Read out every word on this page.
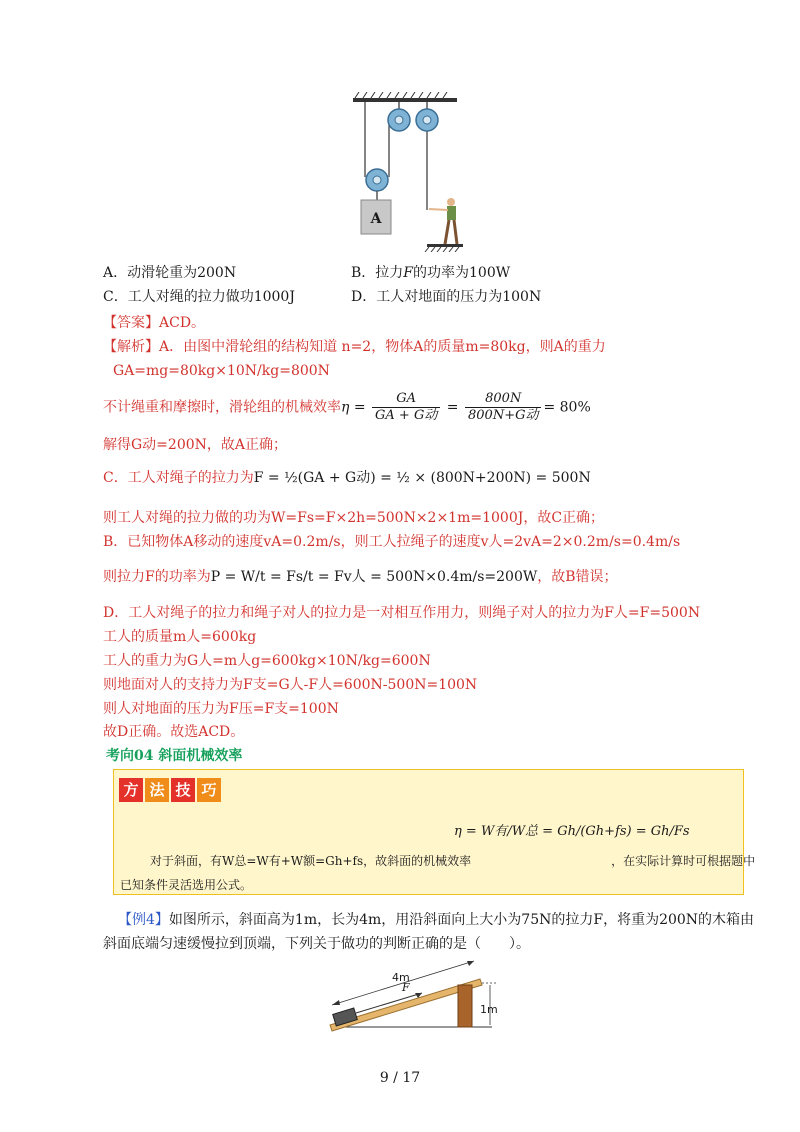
A
A．动滑轮重为200N	B．拉力F的功率为100W
C．工人对绳的拉力做功1000J	D．工人对地面的压力为100N
【答案】ACD。
【解析】A．由图中滑轮组的结构知道 n=2，物体A的质量m=80kg，则A的重力
GA=mg=80kg×10N/kg=800N
不计绳重和摩擦时，滑轮组的机械效率$\eta = \frac{GA}{\text{GA + G动}} = \frac{800N}{\text{800N+G动}} = 80\%$
解得G动=200N，故A正确；
C．工人对绳子的拉力为F = ½(GA + G动) = ½ × (800N+200N) = 500N
则工人对绳的拉力做的功为W=Fs=F×2h=500N×2×1m=1000J，故C正确；
B．已知物体A移动的速度vA=0.2m/s，则工人拉绳子的速度v人=2vA=2×0.2m/s=0.4m/s
则拉力F的功率为P = W/t = Fs/t = Fv人 = 500N×0.4m/s=200W，故B错误；
D．工人对绳子的拉力和绳子对人的拉力是一对相互作用力，则绳子对人的拉力为F人=F=500N
工人的质量m人=600kg
工人的重力为G人=m人g=600kg×10N/kg=600N
则地面对人的支持力为F支=G人-F人=600N-500N=100N
则人对地面的压力为F压=F支=100N
故D正确。故选ACD。
考向04 斜面机械效率
方 法 技 巧
η = W有/W总 = Gh/(Gh+fs) = Gh/Fs
对于斜面，有W总=W有+W额=Gh+fs，故斜面的机械效率	，在实际计算时可根据题中
已知条件灵活选用公式。
【例4】如图所示，斜面高为1m，长为4m，用沿斜面向上大小为75N的拉力F，将重为200N的木箱由
斜面底端匀速缓慢拉到顶端，下列关于做功的判断正确的是（　　）。
4m
F
1m
9 / 17
